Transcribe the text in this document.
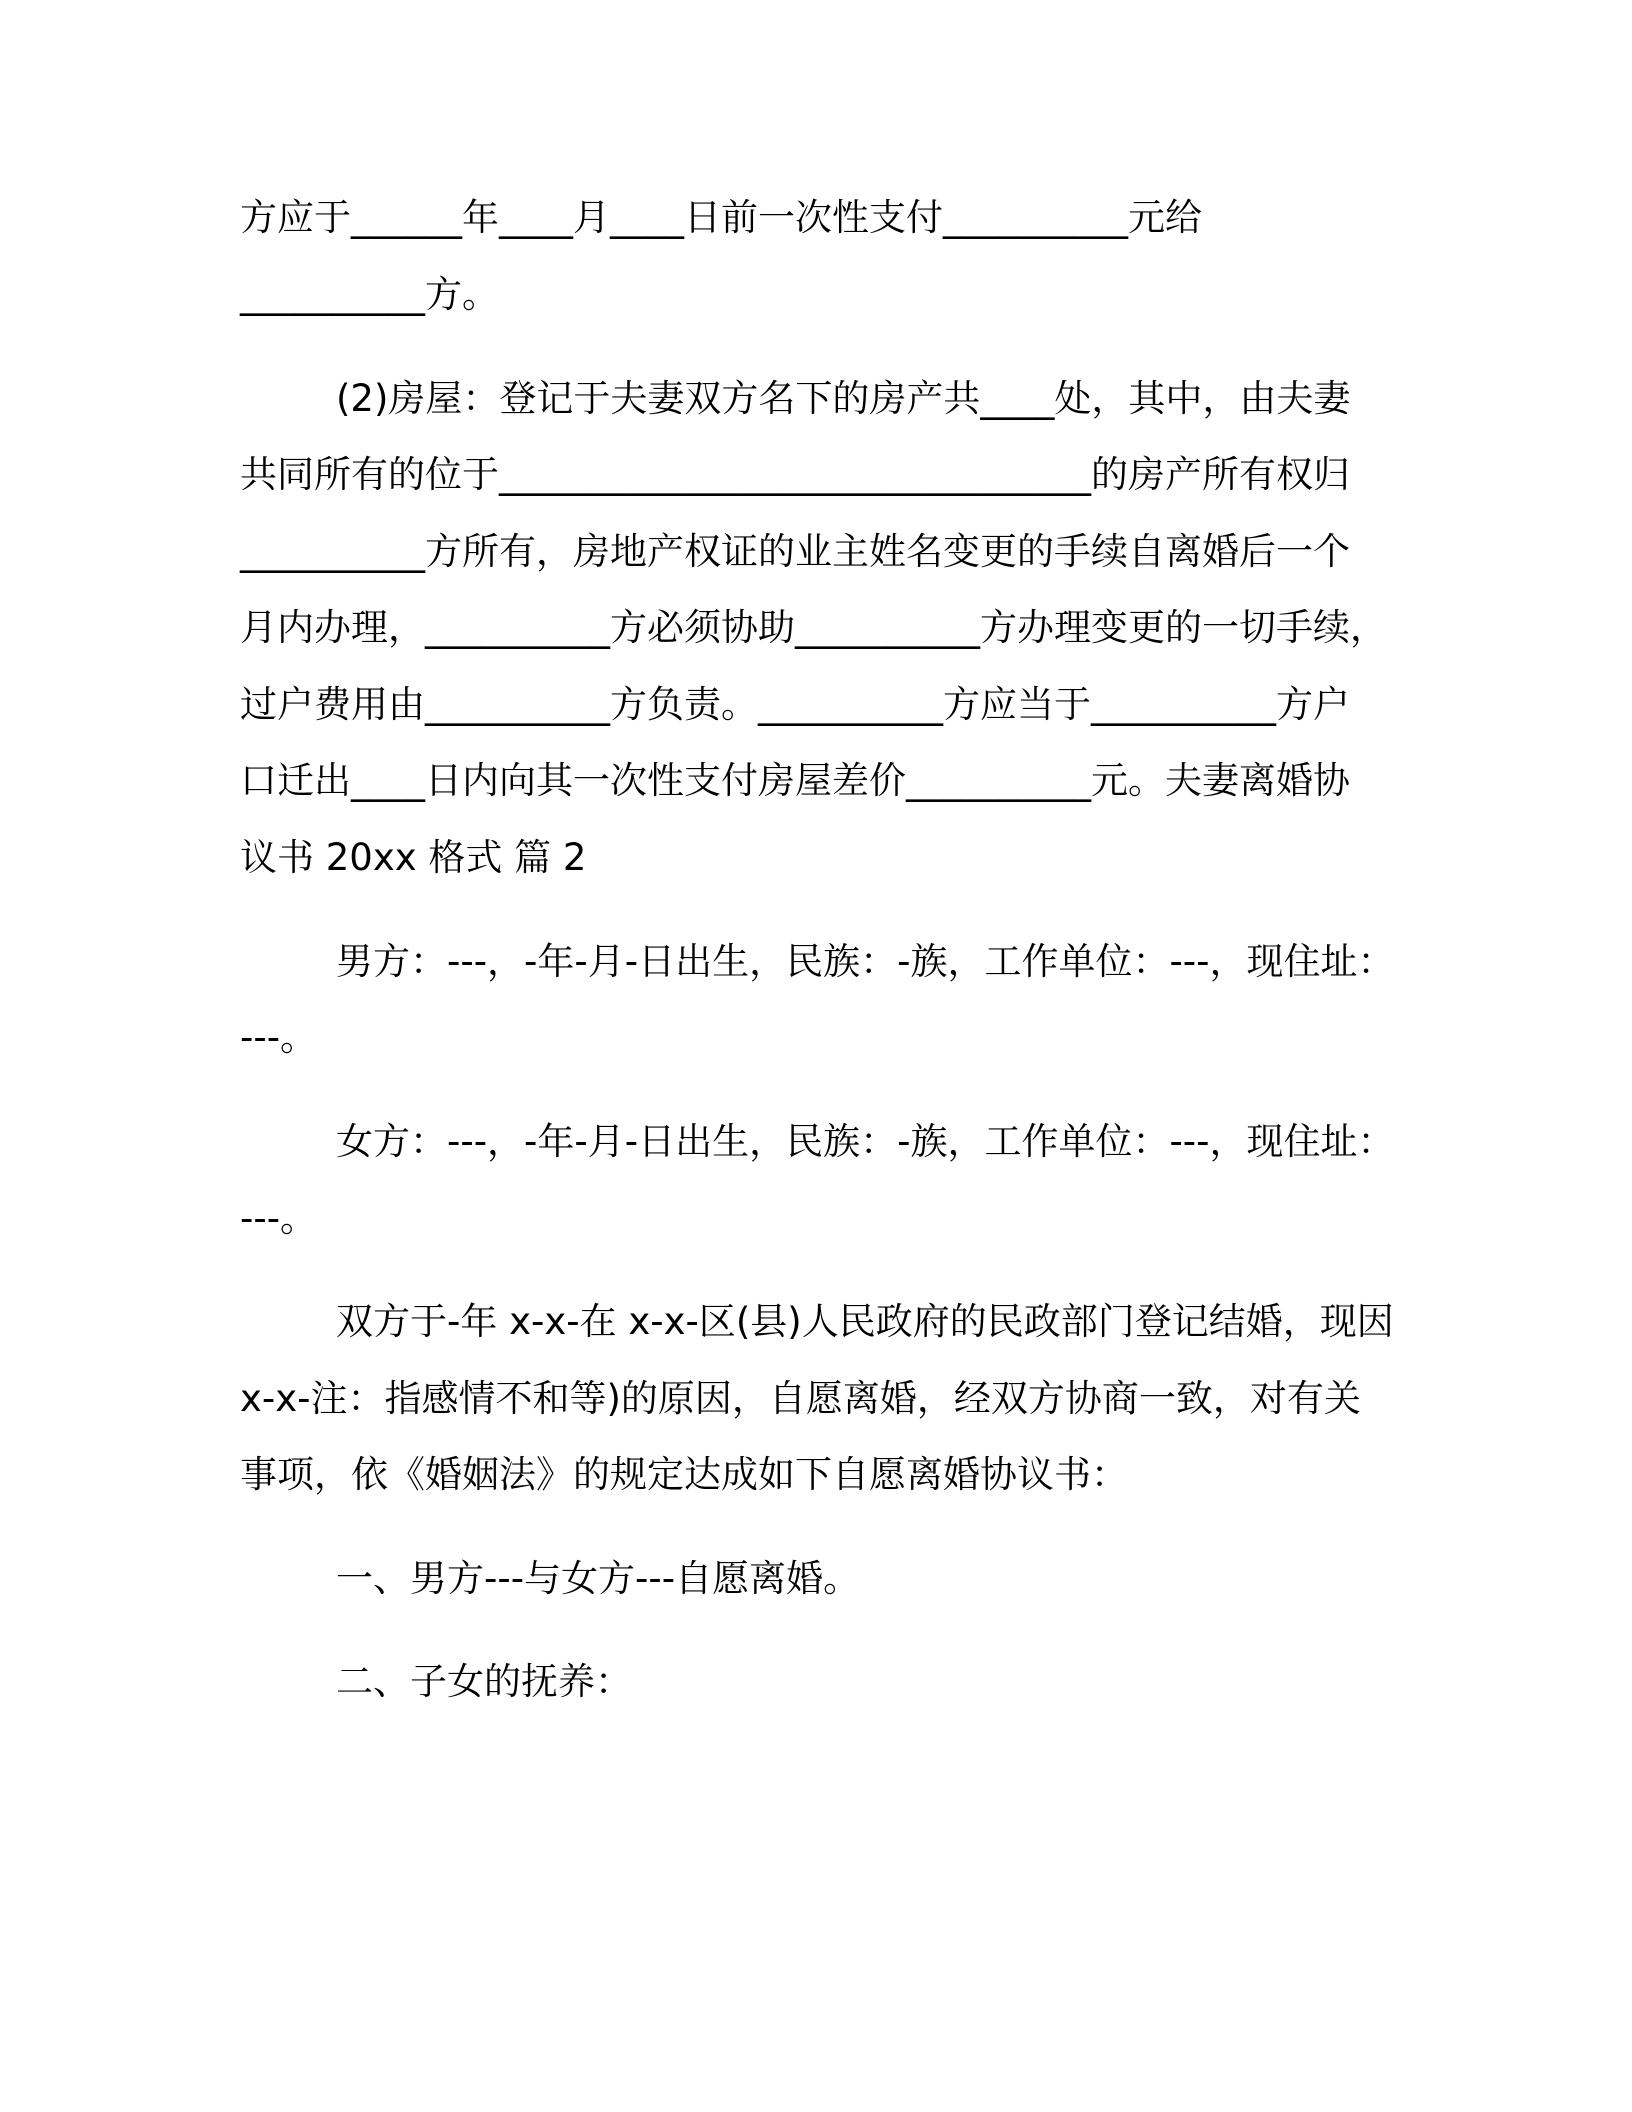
方应于______年____月____日前一次性支付__________元给
__________方。
(2)房屋：登记于夫妻双方名下的房产共____处，其中，由夫妻
共同所有的位于________________________________的房产所有权归
__________方所有，房地产权证的业主姓名变更的手续自离婚后一个
月内办理，__________方必须协助__________方办理变更的一切手续，
过户费用由__________方负责。__________方应当于__________方户
口迁出____日内向其一次性支付房屋差价__________元。夫妻离婚协
议书 20xx 格式 篇 2
男方：---，-年-月-日出生，民族：-族，工作单位：---，现住址：
---。
女方：---，-年-月-日出生，民族：-族，工作单位：---，现住址：
---。
双方于-年 x-x-在 x-x-区(县)人民政府的民政部门登记结婚，现因
x-x-注：指感情不和等)的原因，自愿离婚，经双方协商一致，对有关
事项，依《婚姻法》的规定达成如下自愿离婚协议书：
一、男方---与女方---自愿离婚。
二、子女的抚养：
